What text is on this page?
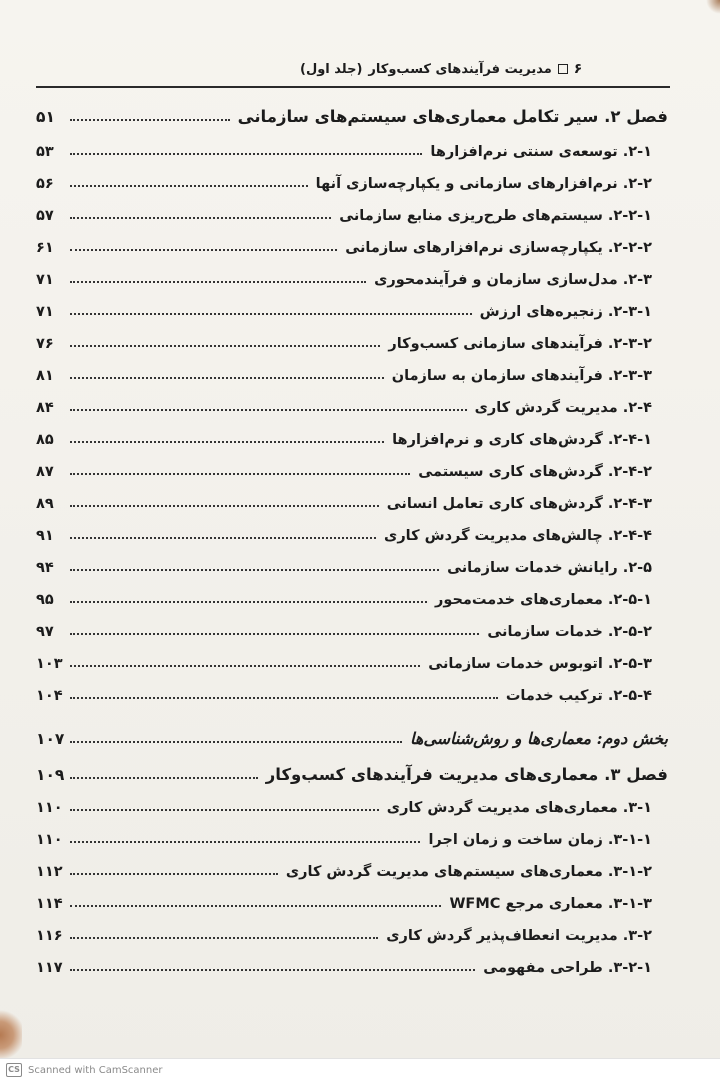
۶
مدیریت فرآیندهای کسب‌وکار
(جلد اول)
فصل ۲. سیر تکامل معماری‌های سیستم‌های سازمانی
۵۱
۲-۱. توسعه‌ی سنتی نرم‌افزارها
۵۳
۲-۲. نرم‌افزارهای سازمانی و یکپارچه‌سازی آنها
۵۶
۲-۲-۱. سیستم‌های طرح‌ریزی منابع سازمانی
۵۷
۲-۲-۲. یکپارچه‌سازی نرم‌افزارهای سازمانی
۶۱
۲-۳. مدل‌سازی سازمان و فرآیندمحوری
۷۱
۲-۳-۱. زنجیره‌های ارزش
۷۱
۲-۳-۲. فرآیندهای سازمانی کسب‌وکار
۷۶
۲-۳-۳. فرآیندهای سازمان به سازمان
۸۱
۲-۴. مدیریت گردش کاری
۸۴
۲-۴-۱. گردش‌های کاری و نرم‌افزارها
۸۵
۲-۴-۲. گردش‌های کاری سیستمی
۸۷
۲-۴-۳. گردش‌های کاری تعامل انسانی
۸۹
۲-۴-۴. چالش‌های مدیریت گردش کاری
۹۱
۲-۵. رایانش خدمات سازمانی
۹۴
۲-۵-۱. معماری‌های خدمت‌محور
۹۵
۲-۵-۲. خدمات سازمانی
۹۷
۲-۵-۳. اتوبوس خدمات سازمانی
۱۰۳
۲-۵-۴. ترکیب خدمات
۱۰۴
بخش دوم: معماری‌ها و روش‌شناسی‌ها
۱۰۷
فصل ۳. معماری‌های مدیریت فرآیندهای کسب‌وکار
۱۰۹
۳-۱. معماری‌های مدیریت گردش کاری
۱۱۰
۳-۱-۱. زمان ساخت و زمان اجرا
۱۱۰
۳-۱-۲. معماری‌های سیستم‌های مدیریت گردش کاری
۱۱۲
۳-۱-۳. معماری مرجع WFMC
۱۱۴
۳-۲. مدیریت انعطاف‌پذیر گردش کاری
۱۱۶
۳-۲-۱. طراحی مفهومی
۱۱۷
CS Scanned with CamScanner
